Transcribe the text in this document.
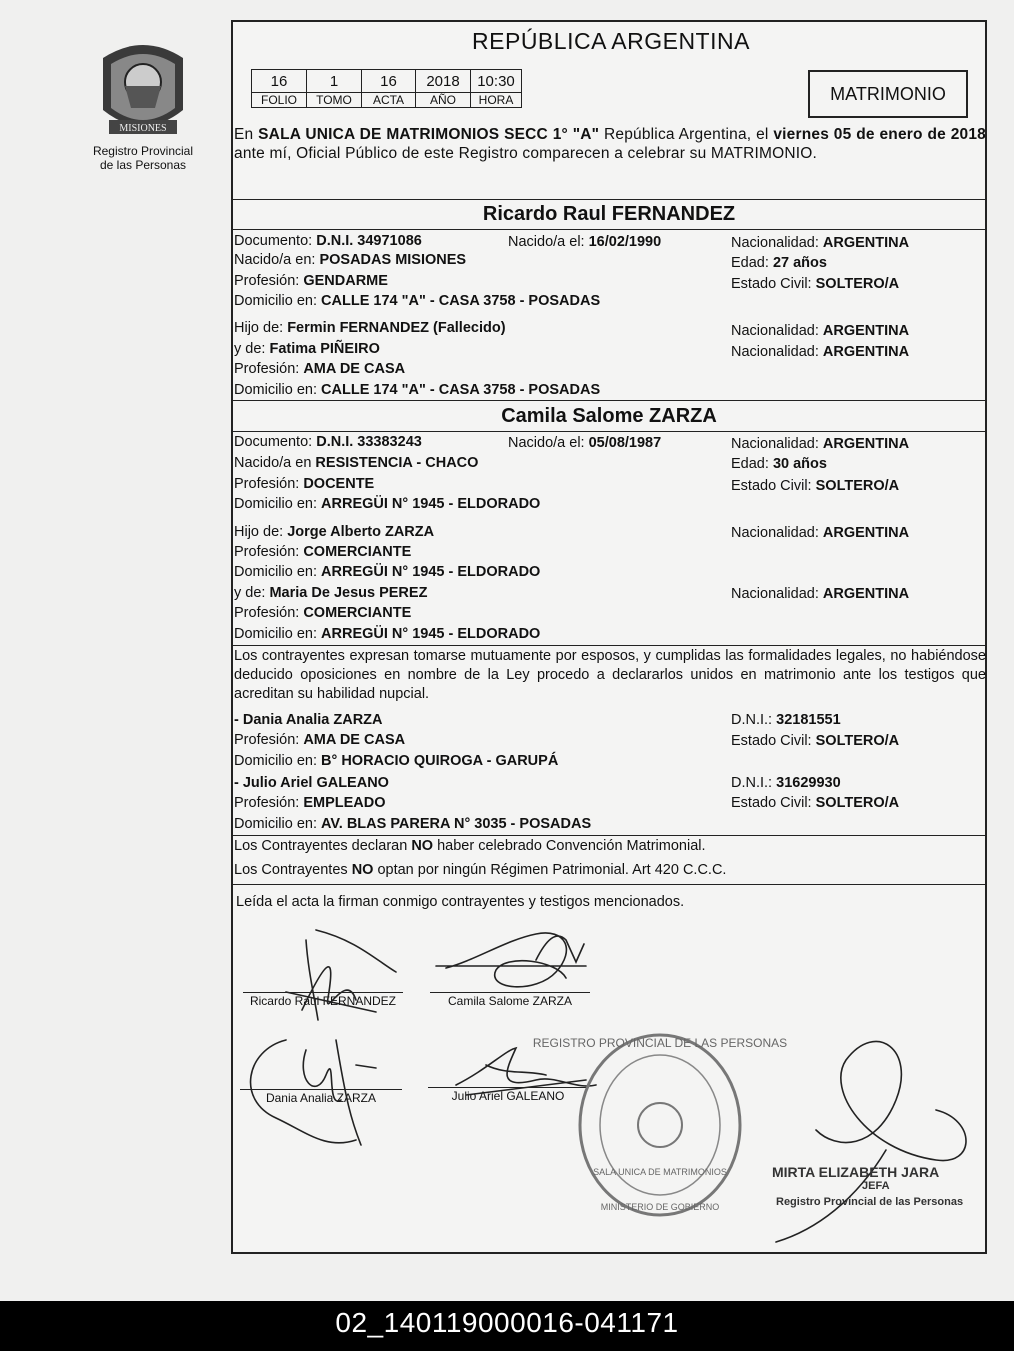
MISIONES
Registro Provincial
de las Personas
REPÚBLICA ARGENTINA
16	1	16	2018	10:30
FOLIO	TOMO	ACTA	AÑO	HORA	MATRIMONIO
En SALA UNICA DE MATRIMONIOS SECC 1° "A" República Argentina, el viernes 05 de enero de 2018 ante mí, Oficial Público de este Registro comparecen a celebrar su MATRIMONIO.
Ricardo Raul FERNANDEZ
Documento: D.N.I. 34971086	Nacido/a el: 16/02/1990	Nacionalidad: ARGENTINA
Nacido/a en: POSADAS MISIONES	Edad: 27 años
Profesión: GENDARME	Estado Civil: SOLTERO/A
Domicilio en: CALLE 174 "A" - CASA 3758 - POSADAS
Hijo de: Fermin FERNANDEZ (Fallecido)	Nacionalidad: ARGENTINA
y de: Fatima PIÑEIRO	Nacionalidad: ARGENTINA
Profesión: AMA DE CASA
Domicilio en: CALLE 174 "A" - CASA 3758 - POSADAS
Camila Salome ZARZA
Documento: D.N.I. 33383243	Nacido/a el: 05/08/1987	Nacionalidad: ARGENTINA
Nacido/a en RESISTENCIA - CHACO	Edad: 30 años
Profesión: DOCENTE	Estado Civil: SOLTERO/A
Domicilio en: ARREGÜI N° 1945 - ELDORADO
Hijo de: Jorge Alberto ZARZA	Nacionalidad: ARGENTINA
Profesión: COMERCIANTE
Domicilio en: ARREGÜI N° 1945 - ELDORADO
y de: Maria De Jesus PEREZ	Nacionalidad: ARGENTINA
Profesión: COMERCIANTE
Domicilio en: ARREGÜI N° 1945 - ELDORADO
Los contrayentes expresan tomarse mutuamente por esposos, y cumplidas las formalidades legales, no habiéndose deducido oposiciones en nombre de la Ley procedo a declararlos unidos en matrimonio ante los testigos que acreditan su habilidad nupcial.
- Dania Analia ZARZA	D.N.I.: 32181551
Profesión: AMA DE CASA	Estado Civil: SOLTERO/A
Domicilio en: B° HORACIO QUIROGA - GARUPÁ
- Julio Ariel GALEANO	D.N.I.: 31629930
Profesión: EMPLEADO	Estado Civil: SOLTERO/A
Domicilio en: AV. BLAS PARERA N° 3035 - POSADAS
Los Contrayentes declaran NO haber celebrado Convención Matrimonial.
Los Contrayentes NO optan por ningún Régimen Patrimonial. Art 420 C.C.C.
Leída el acta la firman conmigo contrayentes y testigos mencionados.
Ricardo Raul FERNANDEZ	Camila Salome ZARZA
Dania Analia ZARZA	Julio Ariel GALEANO
REGISTRO PROVINCIAL DE LAS PERSONAS
SALA UNICA DE MATRIMONIOS
MINISTERIO DE GOBIERNO
MIRTA ELIZABETH JARA
JEFA
Registro Provincial de las Personas
02_140119000016-041171
